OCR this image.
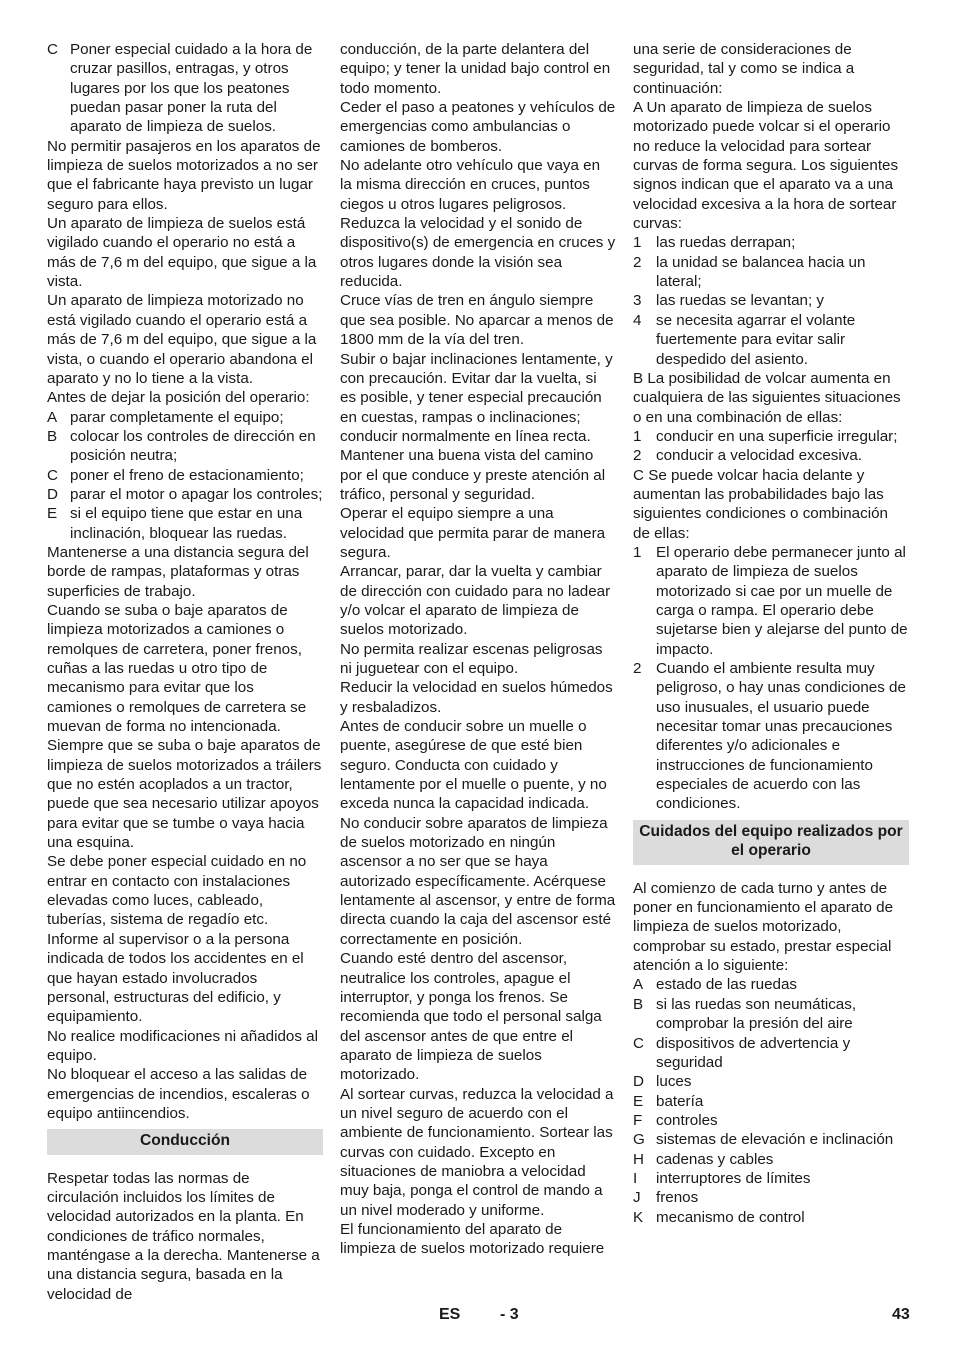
C Poner especial cuidado a la hora de cruzar pasillos, entragas, y otros lugares por los que los peatones puedan pasar poner la ruta del aparato de limpieza de suelos.

No permitir pasajeros en los aparatos de limpieza de suelos motorizados a no ser que el fabricante haya previsto un lugar seguro para ellos.

Un aparato de limpieza de suelos está vigilado cuando el operario no está a más de 7,6 m del equipo, que sigue a la vista.

Un aparato de limpieza motorizado no está vigilado cuando el operario está a más de 7,6 m del equipo, que sigue a la vista, o cuando el operario abandona el aparato y no lo tiene a la vista.

Antes de dejar la posición del operario:

A parar completamente el equipo;
B colocar los controles de dirección en posición neutra;
C poner el freno de estacionamiento;
D parar el motor o apagar los controles;
E si el equipo tiene que estar en una inclinación, bloquear las ruedas.

Mantenerse a una distancia segura del borde de rampas, plataformas y otras superficies de trabajo.

Cuando se suba o baje aparatos de limpieza motorizados a camiones o remolques de carretera, poner frenos, cuñas a las ruedas u otro tipo de mecanismo para evitar que los camiones o remolques de carretera se muevan de forma no intencionada.

Siempre que se suba o baje aparatos de limpieza de suelos motorizados a tráilers que no estén acoplados a un tractor, puede que sea necesario utilizar apoyos para evitar que se tumbe o vaya hacia una esquina.

Se debe poner especial cuidado en no entrar en contacto con instalaciones elevadas como luces, cableado, tuberías, sistema de regadío etc.

Informe al supervisor o a la persona indicada de todos los accidentes en el que hayan estado involucrados personal, estructuras del edificio, y equipamiento.

No realice modificaciones ni añadidos al equipo.

No bloquear el acceso a las salidas de emergencias de incendios, escaleras o equipo antiincendios.

Conducción

Respetar todas las normas de circulación incluidos los límites de velocidad autorizados en la planta. En condiciones de tráfico normales, manténgase a la derecha. Mantenerse a una distancia segura, basada en la velocidad de

conducción, de la parte delantera del equipo; y tener la unidad bajo control en todo momento.

Ceder el paso a peatones y vehículos de emergencias como ambulancias o camiones de bomberos.

No adelante otro vehículo que vaya en la misma dirección en cruces, puntos ciegos u otros lugares peligrosos.

Reduzca la velocidad y el sonido de dispositivo(s) de emergencia en cruces y otros lugares donde la visión sea reducida.

Cruce vías de tren en ángulo siempre que sea posible. No aparcar a menos de 1800 mm de la vía del tren.

Subir o bajar inclinaciones lentamente, y con precaución. Evitar dar la vuelta, si es posible, y tener especial precaución en cuestas, rampas o inclinaciones; conducir normalmente en línea recta.

Mantener una buena vista del camino por el que conduce y preste atención al tráfico, personal y seguridad.

Operar el equipo siempre a una velocidad que permita parar de manera segura.

Arrancar, parar, dar la vuelta y cambiar de dirección con cuidado para no ladear y/o volcar el aparato de limpieza de suelos motorizado.

No permita realizar escenas peligrosas ni juguetear con el equipo.

Reducir la velocidad en suelos húmedos y resbaladizos.

Antes de conducir sobre un muelle o puente, asegúrese de que esté bien seguro. Conducta con cuidado y lentamente por el muelle o puente, y no exceda nunca la capacidad indicada.

No conducir sobre aparatos de limpieza de suelos motorizado en ningún ascensor a no ser que se haya autorizado específicamente. Acérquese lentamente al ascensor, y entre de forma directa cuando la caja del ascensor esté correctamente en posición.

Cuando esté dentro del ascensor, neutralice los controles, apague el interruptor, y ponga los frenos. Se recomienda que todo el personal salga del ascensor antes de que entre el aparato de limpieza de suelos motorizado.

Al sortear curvas, reduzca la velocidad a un nivel seguro de acuerdo con el ambiente de funcionamiento. Sortear las curvas con cuidado. Excepto en situaciones de maniobra a velocidad muy baja, ponga el control de mando a un nivel moderado y uniforme.

El funcionamiento del aparato de limpieza de suelos motorizado requiere

una serie de consideraciones de seguridad, tal y como se indica a continuación:

A Un aparato de limpieza de suelos motorizado puede volcar si el operario no reduce la velocidad para sortear curvas de forma segura. Los siguientes signos indican que el aparato va a una velocidad excesiva a la hora de sortear curvas:

1 las ruedas derrapan;
2 la unidad se balancea hacia un lateral;
3 las ruedas se levantan; y
4 se necesita agarrar el volante fuertemente para evitar salir despedido del asiento.

B La posibilidad de volcar aumenta en cualquiera de las siguientes situaciones o en una combinación de ellas:

1 conducir en una superficie irregular;
2 conducir a velocidad excesiva.

C Se puede volcar hacia delante y aumentan las probabilidades bajo las siguientes condiciones o combinación de ellas:

1 El operario debe permanecer junto al aparato de limpieza de suelos motorizado si cae por un muelle de carga o rampa. El operario debe sujetarse bien y alejarse del punto de impacto.
2 Cuando el ambiente resulta muy peligroso, o hay unas condiciones de uso inusuales, el usuario puede necesitar tomar unas precauciones diferentes y/o adicionales e instrucciones de funcionamiento especiales de acuerdo con las condiciones.
Cuidados del equipo realizados por el operario

Al comienzo de cada turno y antes de poner en funcionamiento el aparato de limpieza de suelos motorizado, comprobar su estado, prestar especial atención a lo siguiente:

A estado de las ruedas
B si las ruedas son neumáticas, comprobar la presión del aire
C dispositivos de advertencia y seguridad
D luces
E batería
F controles
G sistemas de elevación e inclinación
H cadenas y cables
I interruptores de límites
J frenos
K mecanismo de control
ES - 3	43
